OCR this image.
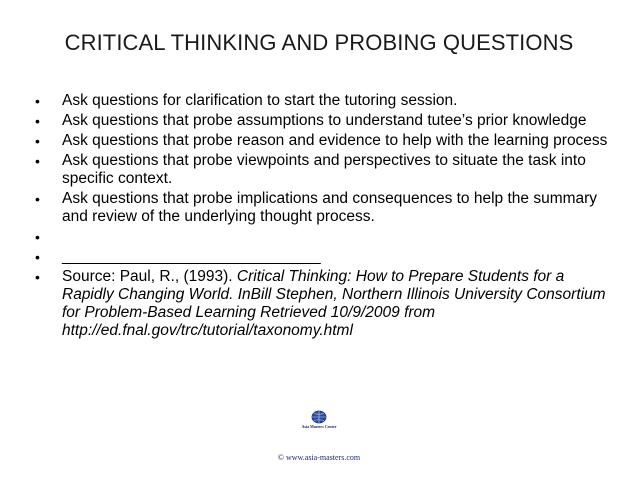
CRITICAL THINKING AND PROBING QUESTIONS
• Ask questions for clarification to start the tutoring session.
• Ask questions that probe assumptions to understand tutee’s prior knowledge
• Ask questions that probe reason and evidence to help with the learning process
• Ask questions that probe viewpoints and perspectives to situate the task into specific context.
• Ask questions that probe implications and consequences to help the summary and review of the underlying thought process.
•

• ______________________________
• Source: Paul, R., (1993). Critical Thinking: How to Prepare Students for a Rapidly Changing World. InBill Stephen, Northern Illinois University Consortium for Problem-Based Learning Retrieved 10/9/2009 from http://ed.fnal.gov/trc/tutorial/taxonomy.html
Asia Masters Center
© www.asia-masters.com
